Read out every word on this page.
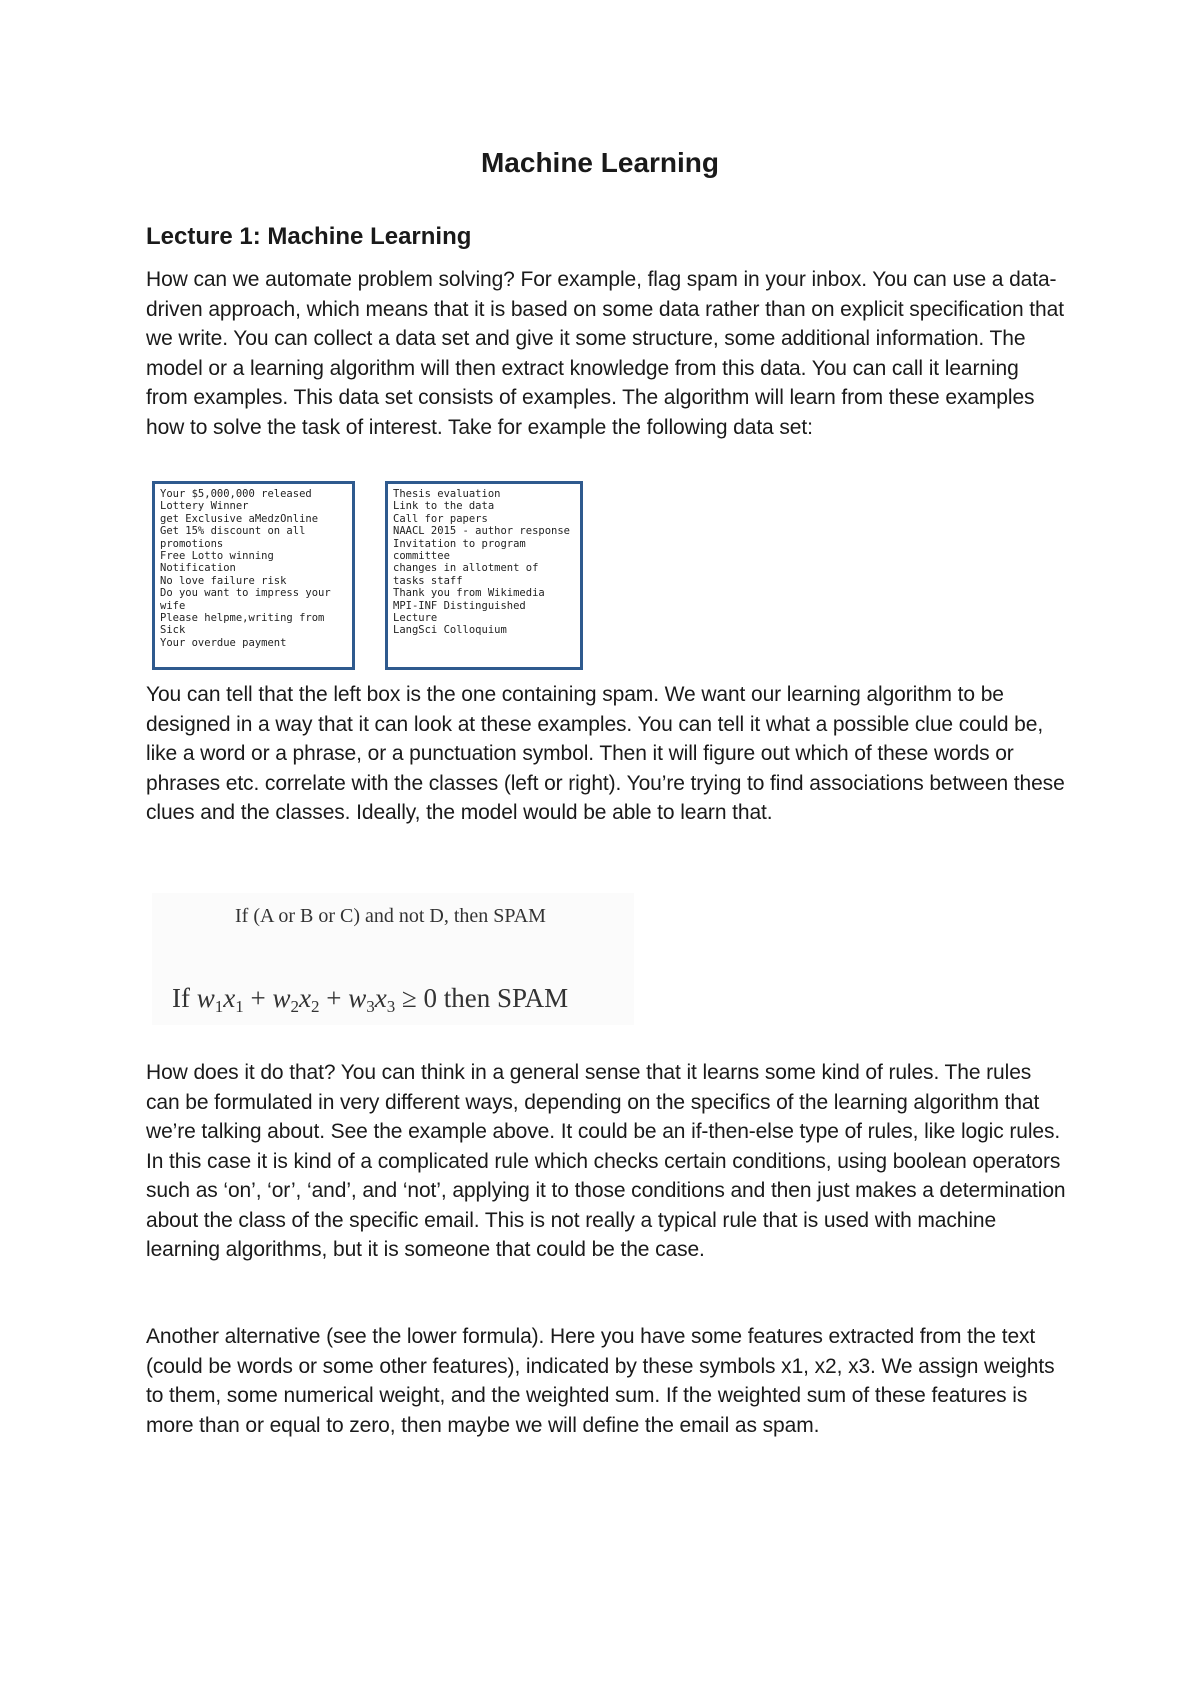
Machine Learning
Lecture 1: Machine Learning

How can we automate problem solving? For example, flag spam in your inbox. You can use a data-driven approach, which means that it is based on some data rather than on explicit specification that we write. You can collect a data set and give it some structure, some additional information. The model or a learning algorithm will then extract knowledge from this data. You can call it learning from examples. This data set consists of examples. The algorithm will learn from these examples how to solve the task of interest. Take for example the following data set:

Your $5,000,000 released
Lottery Winner
get Exclusive aMedzOnline
Get 15% discount on all
promotions
Free Lotto winning
Notification
No love failure risk
Do you want to impress your
wife
Please helpme,writing from
Sick
Your overdue payment
Thesis evaluation
Link to the data
Call for papers
NAACL 2015 - author response
Invitation to program
committee
changes in allotment of
tasks staff
Thank you from Wikimedia
MPI-INF Distinguished
Lecture
LangSci Colloquium

You can tell that the left box is the one containing spam. We want our learning algorithm to be designed in a way that it can look at these examples. You can tell it what a possible clue could be, like a word or a phrase, or a punctuation symbol. Then it will figure out which of these words or phrases etc. correlate with the classes (left or right). You’re trying to find associations between these clues and the classes. Ideally, the model would be able to learn that.

If (A or B or C) and not D, then SPAM
If $w_1x_1 + w_2x_2 + w_3x_3 \ge 0$ then SPAM

How does it do that? You can think in a general sense that it learns some kind of rules. The rules can be formulated in very different ways, depending on the specifics of the learning algorithm that we’re talking about. See the example above. It could be an if-then-else type of rules, like logic rules. In this case it is kind of a complicated rule which checks certain conditions, using boolean operators such as ‘on’, ‘or’, ‘and’, and ‘not’, applying it to those conditions and then just makes a determination about the class of the specific email. This is not really a typical rule that is used with machine learning algorithms, but it is someone that could be the case.

Another alternative (see the lower formula). Here you have some features extracted from the text (could be words or some other features), indicated by these symbols x1, x2, x3. We assign weights to them, some numerical weight, and the weighted sum. If the weighted sum of these features is more than or equal to zero, then maybe we will define the email as spam.
